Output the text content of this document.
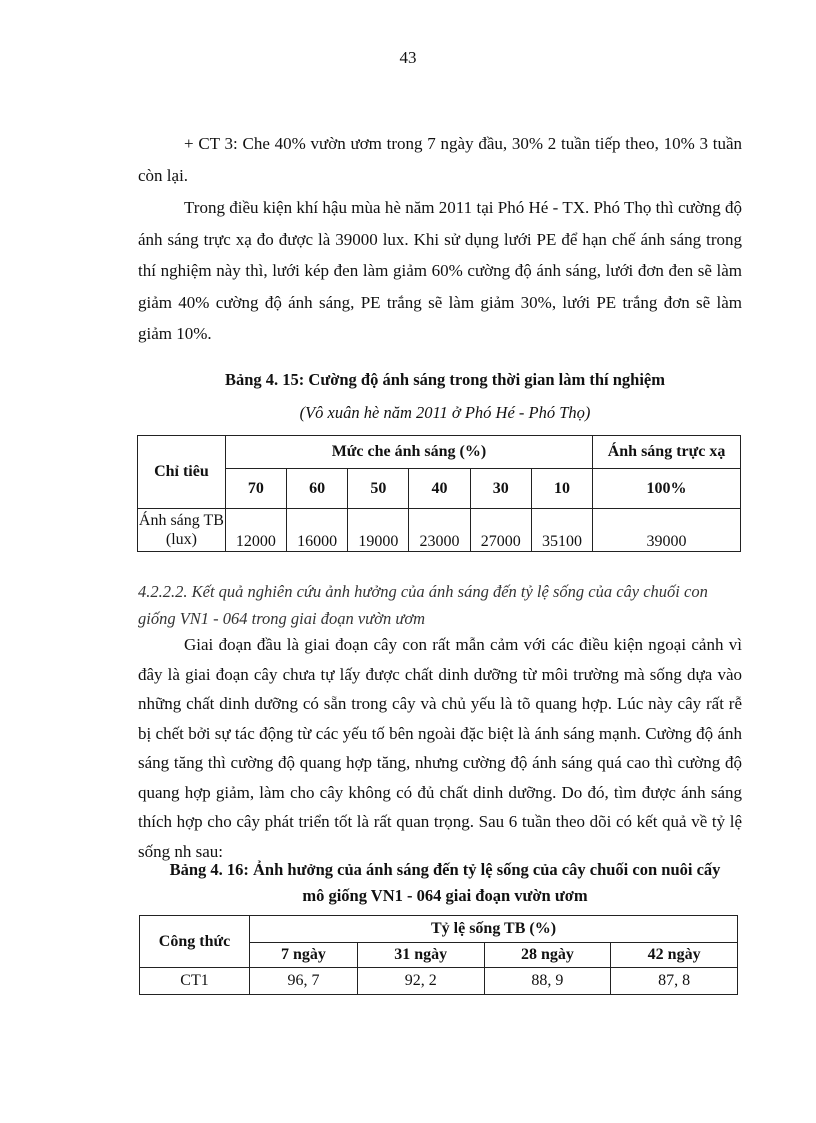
43
+ CT 3: Che 40% vườn ươm trong 7 ngày đầu, 30% 2 tuần tiếp theo, 10% 3 tuần còn lại.
Trong điều kiện khí hậu mùa hè năm 2011 tại Phó Hé - TX. Phó Thọ thì cường độ ánh sáng trực xạ đo được là 39000 lux. Khi sử dụng lưới PE để hạn chế ánh sáng trong thí nghiệm này thì, lưới kép đen làm giảm 60% cường độ ánh sáng, lưới đơn đen sẽ làm giảm 40% cường độ ánh sáng, PE trắng sẽ làm giảm 30%, lưới PE trắng đơn sẽ làm giảm 10%.
Bảng 4. 15: Cường độ ánh sáng trong thời gian làm thí nghiệm
(Vô xuân hè năm 2011 ở Phó Hé - Phó Thọ)
Chỉ tiêu	Mức che ánh sáng (%)						Ánh sáng trực xạ
	70	60	50	40	30	10	100%
Ánh sáng TB (lux)	12000	16000	19000	23000	27000	35100	39000
4.2.2.2. Kết quả nghiên cứu ảnh hưởng của ánh sáng đến tỷ lệ sống của cây chuối con giống VN1 - 064 trong giai đoạn vườn ươm
Giai đoạn đầu là giai đoạn cây con rất mẫn cảm với các điều kiện ngoại cảnh vì đây là giai đoạn cây chưa tự lấy được chất dinh dưỡng từ môi trường mà sống dựa vào những chất dinh dưỡng có sẵn trong cây và chủ yếu là tõ quang hợp. Lúc này cây rất rễ bị chết bởi sự tác động từ các yếu tố bên ngoài đặc biệt là ánh sáng mạnh. Cường độ ánh sáng tăng thì cường độ quang hợp tăng, nhưng cường độ ánh sáng quá cao thì cường độ quang hợp giảm, làm cho cây không có đủ chất dinh dưỡng. Do đó, tìm được ánh sáng thích hợp cho cây phát triển tốt là rất quan trọng. Sau 6 tuần theo dõi có kết quả về tỷ lệ sống nh sau:
Bảng 4. 16: Ảnh hưởng của ánh sáng đến tỷ lệ sống của cây chuối con nuôi cấy
mô giống VN1 - 064 giai đoạn vườn ươm
Công thức	Tỷ lệ sống TB (%)			
	7 ngày	31 ngày	28 ngày	42 ngày
CT1	96, 7	92, 2	88, 9	87, 8
